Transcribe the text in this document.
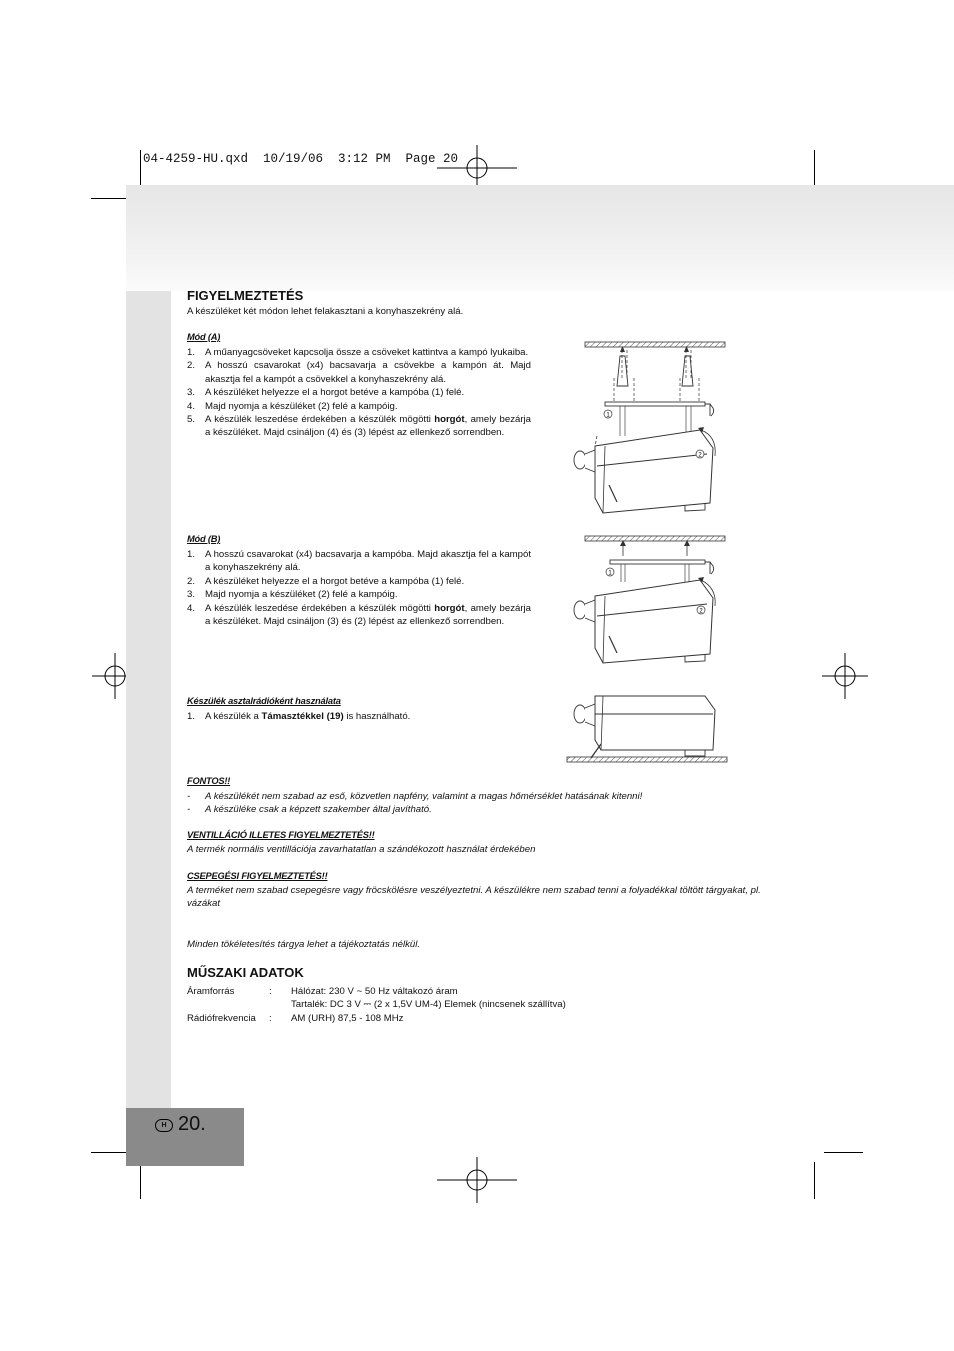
04-4259-HU.qxd  10/19/06  3:12 PM  Page 20
H 20.
FIGYELMEZTETÉS
A készüléket két módon lehet felakasztani a konyhaszekrény alá.
Mód (A)
1. A műanyagcsöveket kapcsolja össze a csöveket kattintva a kampó lyukaiba.
2. A hosszú csavarokat (x4) bacsavarja a csövekbe a kampón át. Majd akasztja fel a kampót a csövekkel a konyhaszekrény alá.
3. A készüléket helyezze el a horgot betéve a kampóba (1) felé.
4. Majd nyomja a készüléket (2) felé a kampóig.
5. A készülék leszedése érdekében a készülék mögötti horgót, amely bezárja a készüléket. Majd csináljon (4) és (3) lépést az ellenkező sorrendben.
Mód (B)
1. A hosszú csavarokat (x4) bacsavarja a kampóba. Majd akasztja fel a kampót a konyhaszekrény alá.
2. A készüléket helyezze el a horgot betéve a kampóba (1) felé.
3. Majd nyomja a készüléket (2) felé a kampóig.
4. A készülék leszedése érdekében a készülék mögötti horgót, amely bezárja a készüléket. Majd csináljon (3) és (2) lépést az ellenkező sorrendben.
Készülék asztalrádióként használata
1. A készülék a Támasztékkel (19) is használható.
FONTOS!!
- A készülékét nem szabad az eső, közvetlen napfény, valamint a magas hőmérséklet hatásának kitenni!
- A készüléke csak a képzett szakember által javítható.
VENTILLÁCIÓ ILLETES FIGYELMEZTETÉS!!
A termék normális ventillációja zavarhatatlan a szándékozott használat érdekében
CSEPEGÉSI FIGYELMEZTETÉS!!
A terméket nem szabad csepegésre vagy fröcskölésre veszélyeztetni. A készülékre nem szabad tenni a folyadékkal töltött tárgyakat, pl. vázákat
Minden tökéletesítés tárgya lehet a tájékoztatás nélkül.
MŰSZAKI ADATOK
Áramforrás	:	Hálózat: 230 V ~ 50 Hz váltakozó áram
		Tartalék: DC 3 V ⎓ (2 x 1,5V UM-4) Elemek (nincsenek szállítva)
Rádiófrekvencia	:	AM (URH) 87,5 - 108 MHz
1
2
1
2
